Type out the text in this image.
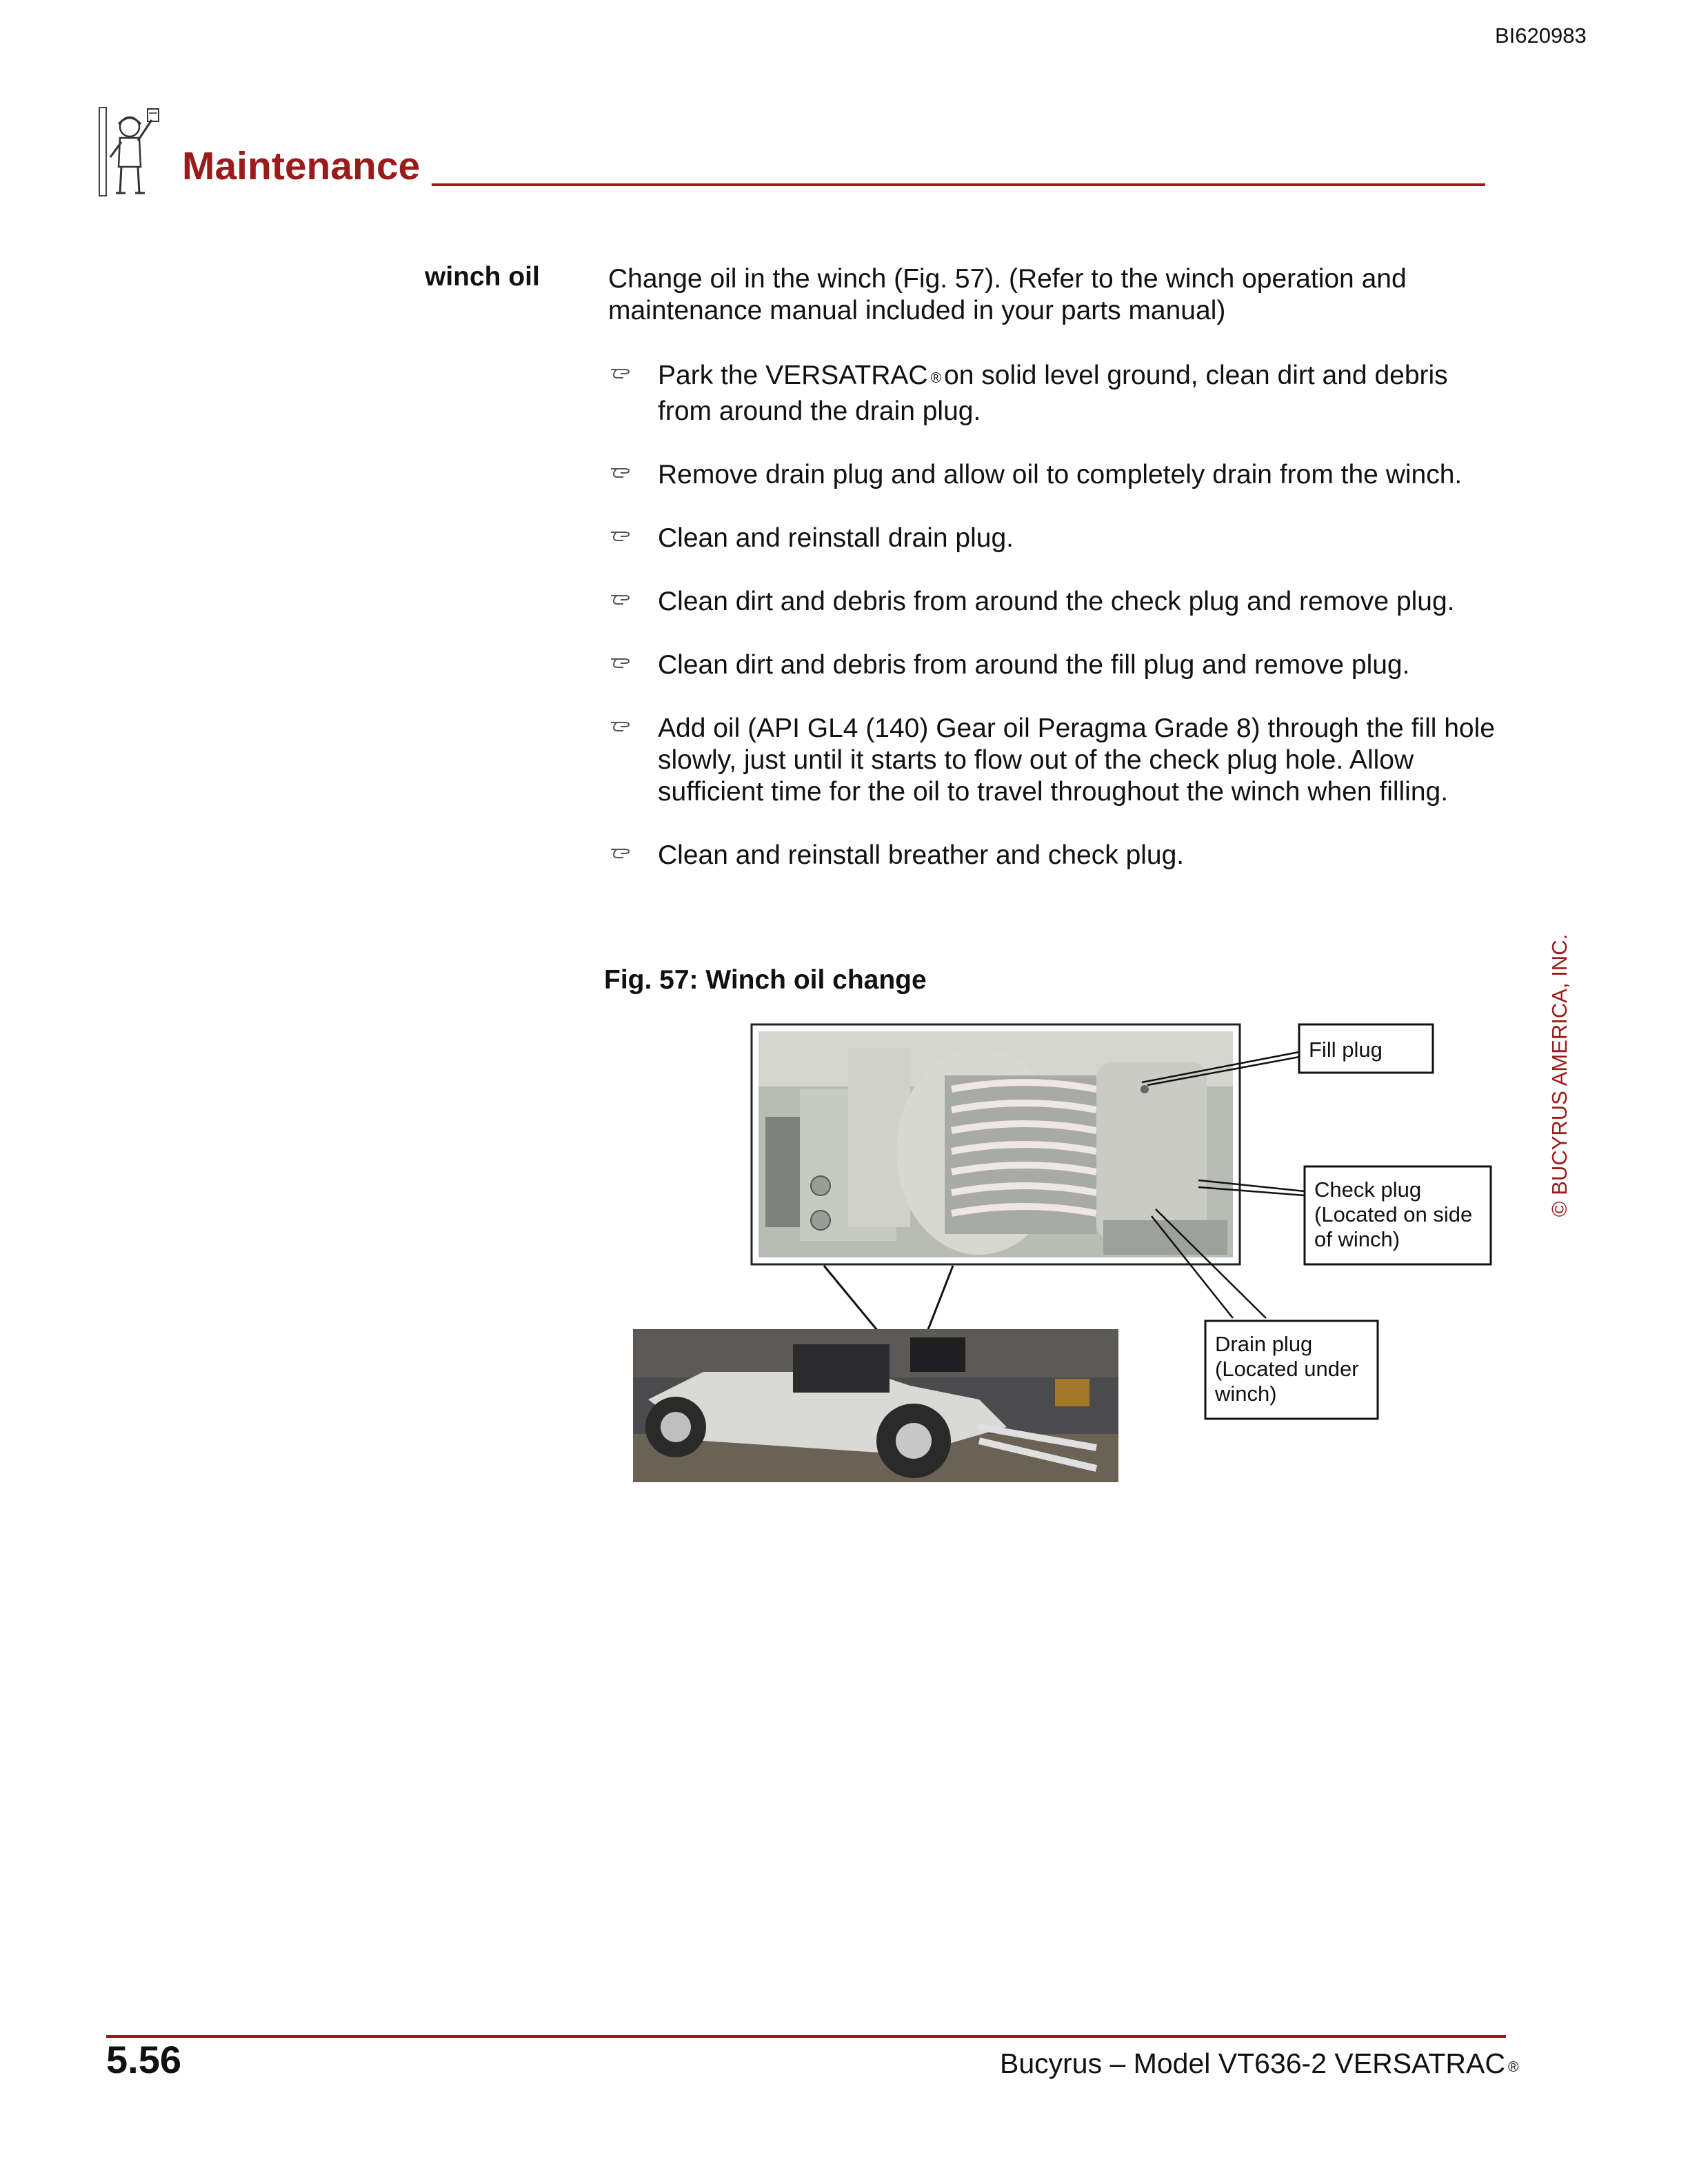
BI620983
Maintenance
winch oil	Change oil in the winch (Fig. 57). (Refer to the winch operation and maintenance manual included in your parts manual)
Park the VERSATRAC ® on solid level ground, clean dirt and debris from around the drain plug.
Remove drain plug and allow oil to completely drain from the winch.
Clean and reinstall drain plug.
Clean dirt and debris from around the check plug and remove plug.
Clean dirt and debris from around the fill plug and remove plug.
Add oil (API GL4 (140) Gear oil Peragma Grade 8) through the fill hole slowly, just until it starts to flow out of the check plug hole. Allow sufficient time for the oil to travel throughout the winch when filling.
Clean and reinstall breather and check plug.
Fig. 57: Winch oil change
Fill plug
Check plug
(Located on side
of winch)
Drain plug
(Located under
winch)
© BUCYRUS AMERICA, INC.
5.56	Bucyrus – Model VT636-2 VERSATRAC ®
